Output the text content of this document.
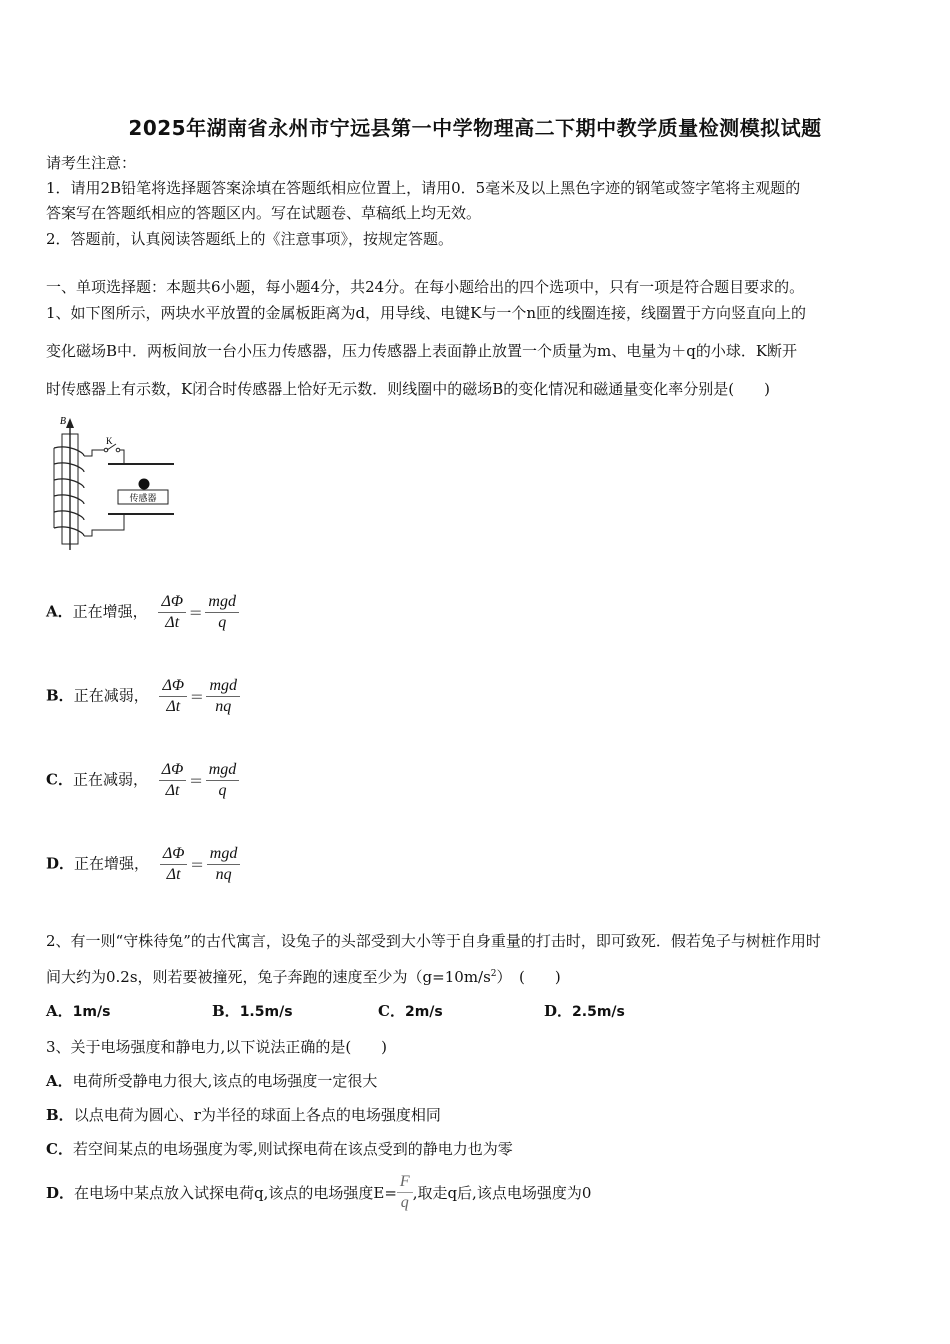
2025年湖南省永州市宁远县第一中学物理高二下期中教学质量检测模拟试题
请考生注意：
1．请用2B铅笔将选择题答案涂填在答题纸相应位置上，请用0．5毫米及以上黑色字迹的钢笔或签字笔将主观题的
答案写在答题纸相应的答题区内。写在试题卷、草稿纸上均无效。
2．答题前，认真阅读答题纸上的《注意事项》，按规定答题。
一、单项选择题：本题共6小题，每小题4分，共24分。在每小题给出的四个选项中，只有一项是符合题目要求的。
1、如下图所示，两块水平放置的金属板距离为d，用导线、电键K与一个n匝的线圈连接，线圈置于方向竖直向上的
变化磁场B中．两板间放一台小压力传感器，压力传感器上表面静止放置一个质量为m、电量为＋q的小球．K断开
时传感器上有示数，K闭合时传感器上恰好无示数．则线圈中的磁场B的变化情况和磁通量变化率分别是(　　)
B
K
传感器
A．正在增强， $\frac{\Delta\Phi}{\Delta t} = \frac{\text{mgd}}{q}$
B．正在减弱， $\frac{\Delta\Phi}{\Delta t} = \frac{\text{mgd}}{nq}$
C．正在减弱， $\frac{\Delta\Phi}{\Delta t} = \frac{\text{mgd}}{q}$
D．正在增强， $\frac{\Delta\Phi}{\Delta t} = \frac{\text{mgd}}{nq}$
2、有一则“守株待兔”的古代寓言，设兔子的头部受到大小等于自身重量的打击时，即可致死．假若兔子与树桩作用时
间大约为0.2s，则若要被撞死，兔子奔跑的速度至少为$(g=10m/s^2)$　(　　)
A．1m/s	B．1.5m/s	C．2m/s	D．2.5m/s
3、关于电场强度和静电力,以下说法正确的是(　　)
A．电荷所受静电力很大,该点的电场强度一定很大
B．以点电荷为圆心、r为半径的球面上各点的电场强度相同
C．若空间某点的电场强度为零,则试探电荷在该点受到的静电力也为零
D．在电场中某点放入试探电荷q,该点的电场强度$E= \frac{F}{q}$ ,取走q后,该点电场强度为0
